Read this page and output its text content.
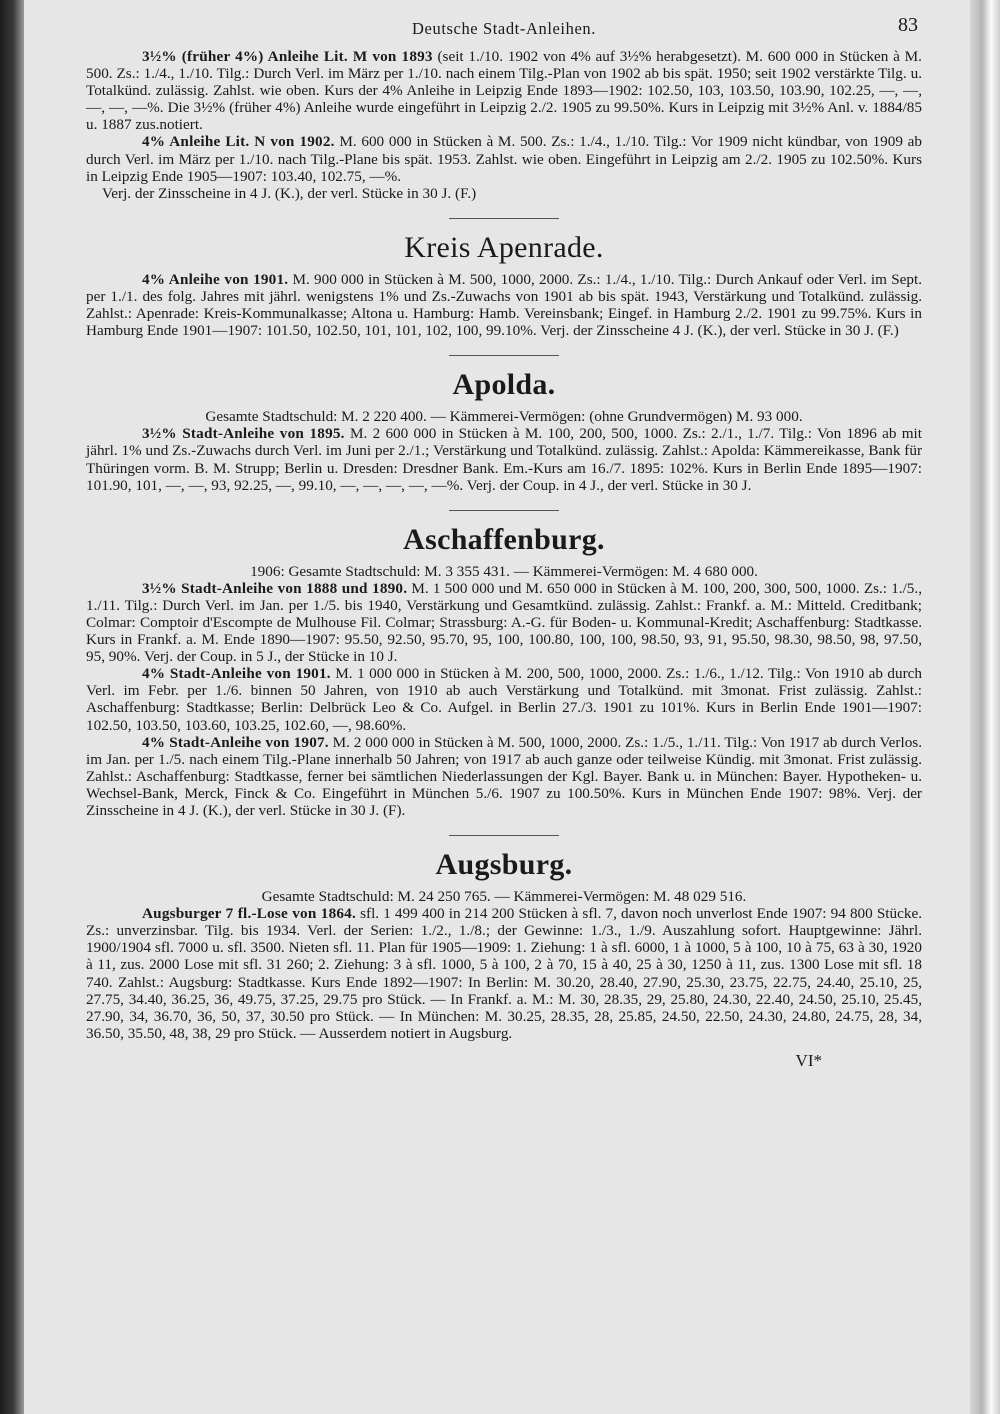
Deutsche Stadt-Anleihen.	83

3½% (früher 4%) Anleihe Lit. M von 1893 (seit 1./10. 1902 von 4% auf 3½% herabgesetzt). M. 600 000 in Stücken à M. 500. Zs.: 1./4., 1./10. Tilg.: Durch Verl. im März per 1./10. nach einem Tilg.-Plan von 1902 ab bis spät. 1950; seit 1902 verstärkte Tilg. u. Totalkünd. zulässig. Zahlst. wie oben. Kurs der 4% Anleihe in Leipzig Ende 1893—1902: 102.50, 103, 103.50, 103.90, 102.25, —, —, —, —, —%. Die 3½% (früher 4%) Anleihe wurde eingeführt in Leipzig 2./2. 1905 zu 99.50%. Kurs in Leipzig mit 3½% Anl. v. 1884/85 u. 1887 zus.notiert.

4% Anleihe Lit. N von 1902. M. 600 000 in Stücken à M. 500. Zs.: 1./4., 1./10. Tilg.: Vor 1909 nicht kündbar, von 1909 ab durch Verl. im März per 1./10. nach Tilg.-Plane bis spät. 1953. Zahlst. wie oben. Eingeführt in Leipzig am 2./2. 1905 zu 102.50%. Kurs in Leipzig Ende 1905—1907: 103.40, 102.75, —%.

Verj. der Zinsscheine in 4 J. (K.), der verl. Stücke in 30 J. (F.)

Kreis Apenrade.

4% Anleihe von 1901. M. 900 000 in Stücken à M. 500, 1000, 2000. Zs.: 1./4., 1./10. Tilg.: Durch Ankauf oder Verl. im Sept. per 1./1. des folg. Jahres mit jährl. wenigstens 1% und Zs.-Zuwachs von 1901 ab bis spät. 1943, Verstärkung und Totalkünd. zulässig. Zahlst.: Apenrade: Kreis-Kommunalkasse; Altona u. Hamburg: Hamb. Vereinsbank; Eingef. in Hamburg 2./2. 1901 zu 99.75%. Kurs in Hamburg Ende 1901—1907: 101.50, 102.50, 101, 101, 102, 100, 99.10%. Verj. der Zinsscheine 4 J. (K.), der verl. Stücke in 30 J. (F.)

Apolda.

Gesamte Stadtschuld: M. 2 220 400. — Kämmerei-Vermögen: (ohne Grundvermögen) M. 93 000.

3½% Stadt-Anleihe von 1895. M. 2 600 000 in Stücken à M. 100, 200, 500, 1000. Zs.: 2./1., 1./7. Tilg.: Von 1896 ab mit jährl. 1% und Zs.-Zuwachs durch Verl. im Juni per 2./1.; Verstärkung und Totalkünd. zulässig. Zahlst.: Apolda: Kämmereikasse, Bank für Thüringen vorm. B. M. Strupp; Berlin u. Dresden: Dresdner Bank. Em.-Kurs am 16./7. 1895: 102%. Kurs in Berlin Ende 1895—1907: 101.90, 101, —, —, 93, 92.25, —, 99.10, —, —, —, —, —%. Verj. der Coup. in 4 J., der verl. Stücke in 30 J.

Aschaffenburg.

1906: Gesamte Stadtschuld: M. 3 355 431. — Kämmerei-Vermögen: M. 4 680 000.

3½% Stadt-Anleihe von 1888 und 1890. M. 1 500 000 und M. 650 000 in Stücken à M. 100, 200, 300, 500, 1000. Zs.: 1./5., 1./11. Tilg.: Durch Verl. im Jan. per 1./5. bis 1940, Verstärkung und Gesamtkünd. zulässig. Zahlst.: Frankf. a. M.: Mitteld. Creditbank; Colmar: Comptoir d'Escompte de Mulhouse Fil. Colmar; Strassburg: A.-G. für Boden- u. Kommunal-Kredit; Aschaffenburg: Stadtkasse. Kurs in Frankf. a. M. Ende 1890—1907: 95.50, 92.50, 95.70, 95, 100, 100.80, 100, 100, 98.50, 93, 91, 95.50, 98.30, 98.50, 98, 97.50, 95, 90%. Verj. der Coup. in 5 J., der Stücke in 10 J.

4% Stadt-Anleihe von 1901. M. 1 000 000 in Stücken à M. 200, 500, 1000, 2000. Zs.: 1./6., 1./12. Tilg.: Von 1910 ab durch Verl. im Febr. per 1./6. binnen 50 Jahren, von 1910 ab auch Verstärkung und Totalkünd. mit 3monat. Frist zulässig. Zahlst.: Aschaffenburg: Stadtkasse; Berlin: Delbrück Leo & Co. Aufgel. in Berlin 27./3. 1901 zu 101%. Kurs in Berlin Ende 1901—1907: 102.50, 103.50, 103.60, 103.25, 102.60, —, 98.60%.

4% Stadt-Anleihe von 1907. M. 2 000 000 in Stücken à M. 500, 1000, 2000. Zs.: 1./5., 1./11. Tilg.: Von 1917 ab durch Verlos. im Jan. per 1./5. nach einem Tilg.-Plane innerhalb 50 Jahren; von 1917 ab auch ganze oder teilweise Kündig. mit 3monat. Frist zulässig. Zahlst.: Aschaffenburg: Stadtkasse, ferner bei sämtlichen Niederlassungen der Kgl. Bayer. Bank u. in München: Bayer. Hypotheken- u. Wechsel-Bank, Merck, Finck & Co. Eingeführt in München 5./6. 1907 zu 100.50%. Kurs in München Ende 1907: 98%. Verj. der Zinsscheine in 4 J. (K.), der verl. Stücke in 30 J. (F).

Augsburg.

Gesamte Stadtschuld: M. 24 250 765. — Kämmerei-Vermögen: M. 48 029 516.

Augsburger 7 fl.-Lose von 1864. sfl. 1 499 400 in 214 200 Stücken à sfl. 7, davon noch unverlost Ende 1907: 94 800 Stücke. Zs.: unverzinsbar. Tilg. bis 1934. Verl. der Serien: 1./2., 1./8.; der Gewinne: 1./3., 1./9. Auszahlung sofort. Hauptgewinne: Jährl. 1900/1904 sfl. 7000 u. sfl. 3500. Nieten sfl. 11. Plan für 1905—1909: 1. Ziehung: 1 à sfl. 6000, 1 à 1000, 5 à 100, 10 à 75, 63 à 30, 1920 à 11, zus. 2000 Lose mit sfl. 31 260; 2. Ziehung: 3 à sfl. 1000, 5 à 100, 2 à 70, 15 à 40, 25 à 30, 1250 à 11, zus. 1300 Lose mit sfl. 18 740. Zahlst.: Augsburg: Stadtkasse. Kurs Ende 1892—1907: In Berlin: M. 30.20, 28.40, 27.90, 25.30, 23.75, 22.75, 24.40, 25.10, 25, 27.75, 34.40, 36.25, 36, 49.75, 37.25, 29.75 pro Stück. — In Frankf. a. M.: M. 30, 28.35, 29, 25.80, 24.30, 22.40, 24.50, 25.10, 25.45, 27.90, 34, 36.70, 36, 50, 37, 30.50 pro Stück. — In München: M. 30.25, 28.35, 28, 25.85, 24.50, 22.50, 24.30, 24.80, 24.75, 28, 34, 36.50, 35.50, 48, 38, 29 pro Stück. — Ausserdem notiert in Augsburg.

VI*
